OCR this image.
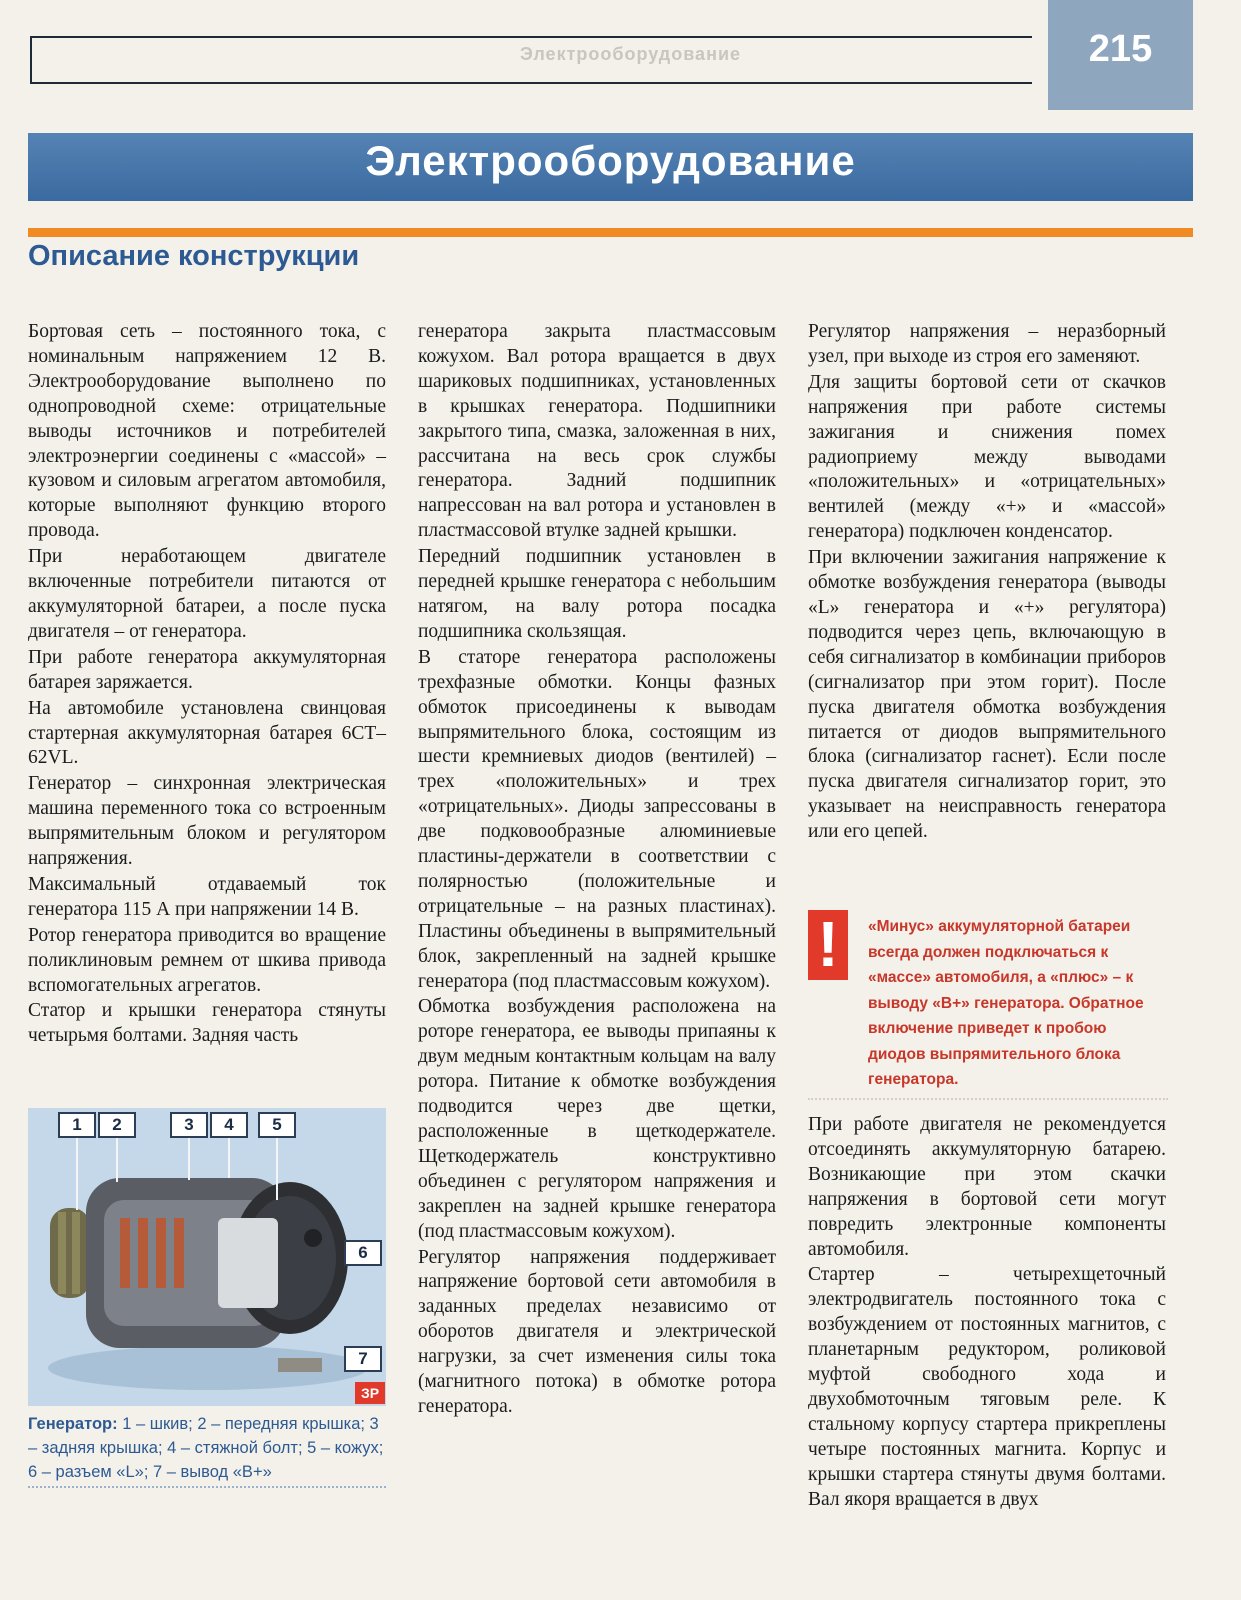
Электрооборудование	215
Электрооборудование
Описание конструкции

Бортовая сеть – постоянного тока, с номинальным напряжением 12 В. Электрооборудование выполнено по однопроводной схеме: отрицательные выводы источников и потребителей электроэнергии соединены с «массой» – кузовом и силовым агрегатом автомобиля, которые выполняют функцию второго провода.

При неработающем двигателе включенные потребители питаются от аккумуляторной батареи, а после пуска двигателя – от генератора.

При работе генератора аккумуляторная батарея заряжается.

На автомобиле установлена свинцовая стартерная аккумуляторная батарея 6СТ–62VL.

Генератор – синхронная электрическая машина переменного тока со встроенным выпрямительным блоком и регулятором напряжения.

Максимальный отдаваемый ток генератора 115 А при напряжении 14 В.

Ротор генератора приводится во вращение поликлиновым ремнем от шкива привода вспомогательных агрегатов.

Статор и крышки генератора стянуты четырьмя болтами. Задняя часть

1	2	3	4	5
6
7
ЗР
Генератор: 1 – шкив; 2 – передняя крышка; 3 – задняя крышка; 4 – стяжной болт; 5 – кожух; 6 – разъем «L»; 7 – вывод «В+»

генератора закрыта пластмассовым кожухом. Вал ротора вращается в двух шариковых подшипниках, установленных в крышках генератора. Подшипники закрытого типа, смазка, заложенная в них, рассчитана на весь срок службы генератора. Задний подшипник напрессован на вал ротора и установлен в пластмассовой втулке задней крышки.

Передний подшипник установлен в передней крышке генератора с небольшим натягом, на валу ротора посадка подшипника скользящая.

В статоре генератора расположены трехфазные обмотки. Концы фазных обмоток присоединены к выводам выпрямительного блока, состоящим из шести кремниевых диодов (вентилей) – трех «положительных» и трех «отрицательных». Диоды запрессованы в две подковообразные алюминиевые пластины-держатели в соответствии с полярностью (положительные и отрицательные – на разных пластинах). Пластины объединены в выпрямительный блок, закрепленный на задней крышке генератора (под пластмассовым кожухом).

Обмотка возбуждения расположена на роторе генератора, ее выводы припаяны к двум медным контактным кольцам на валу ротора. Питание к обмотке возбуждения подводится через две щетки, расположенные в щеткодержателе. Щеткодержатель конструктивно объединен с регулятором напряжения и закреплен на задней крышке генератора (под пластмассовым кожухом).

Регулятор напряжения поддерживает напряжение бортовой сети автомобиля в заданных пределах независимо от оборотов двигателя и электрической нагрузки, за счет изменения силы тока (магнитного потока) в обмотке ротора генератора.

Регулятор напряжения – неразборный узел, при выходе из строя его заменяют.

Для защиты бортовой сети от скачков напряжения при работе системы зажигания и снижения помех радиоприему между выводами «положительных» и «отрицательных» вентилей (между «+» и «массой» генератора) подключен конденсатор.

При включении зажигания напряжение к обмотке возбуждения генератора (выводы «L» генератора и «+» регулятора) подводится через цепь, включающую в себя сигнализатор в комбинации приборов (сигнализатор при этом горит). После пуска двигателя обмотка возбуждения питается от диодов выпрямительного блока (сигнализатор гаснет). Если после пуска двигателя сигнализатор горит, это указывает на неисправность генератора или его цепей.

!	«Минус» аккумуляторной батареи всегда должен подключаться к «массе» автомобиля, а «плюс» – к выводу «В+» генератора. Обратное включение приведет к пробою диодов выпрямительного блока генератора.

При работе двигателя не рекомендуется отсоединять аккумуляторную батарею. Возникающие при этом скачки напряжения в бортовой сети могут повредить электронные компоненты автомобиля.

Стартер – четырехщеточный электродвигатель постоянного тока с возбуждением от постоянных магнитов, с планетарным редуктором, роликовой муфтой свободного хода и двухобмоточным тяговым реле. К стальному корпусу стартера прикреплены четыре постоянных магнита. Корпус и крышки стартера стянуты двумя болтами. Вал якоря вращается в двух
